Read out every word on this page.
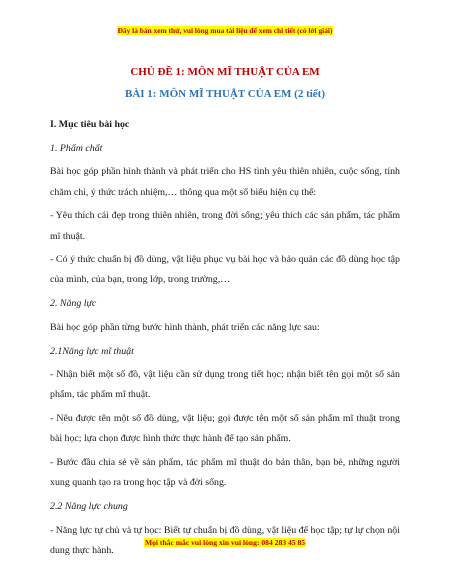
Đây là bản xem thử, vui lòng mua tài liệu để xem chi tiết (có lời giải)
CHỦ ĐỀ 1: MÔN MĨ THUẬT CỦA EM
BÀI 1: MÔN MĨ THUẬT CỦA EM (2 tiết)

I. Mục tiêu bài học

1. Phẩm chất

Bài học góp phần hình thành và phát triển cho HS tình yêu thiên nhiên, cuộc sống, tính chăm chỉ, ý thức trách nhiệm,… thông qua một số biểu hiện cụ thể:

- Yêu thích cái đẹp trong thiên nhiên, trong đời sống; yêu thích các sản phẩm, tác phẩm mĩ thuật.

- Có ý thức chuẩn bị đồ dùng, vật liệu phục vụ bài học và bảo quản các đồ dùng học tập của mình, của bạn, trong lớp, trong trường,…

2. Năng lực

Bài học góp phần từng bước hình thành, phát triển các năng lực sau:

2.1Năng lực mĩ thuật

- Nhận biết một số đồ, vật liệu cần sử dụng trong tiết học; nhận biết tên gọi một số sản phẩm, tác phẩm mĩ thuật.

- Nêu được tên một số đồ dùng, vật liệu; gọi được tên một số sản phẩm mĩ thuật trong bài học; lựa chọn được hình thức thực hành để tạo sản phẩm.

- Bước đầu chia sẻ về sản phẩm, tác phẩm mĩ thuật do bản thân, bạn bè, những người xung quanh tạo ra trong học tập và đời sống.

2.2 Năng lực chung

- Năng lực tự chủ và tự học: Biết tự chuẩn bị đồ dùng, vật liệu để học tập; tự lự chọn nội dung thực hành.

Mọi thắc mắc vui lòng xin vui lòng: 084 283 45 85
